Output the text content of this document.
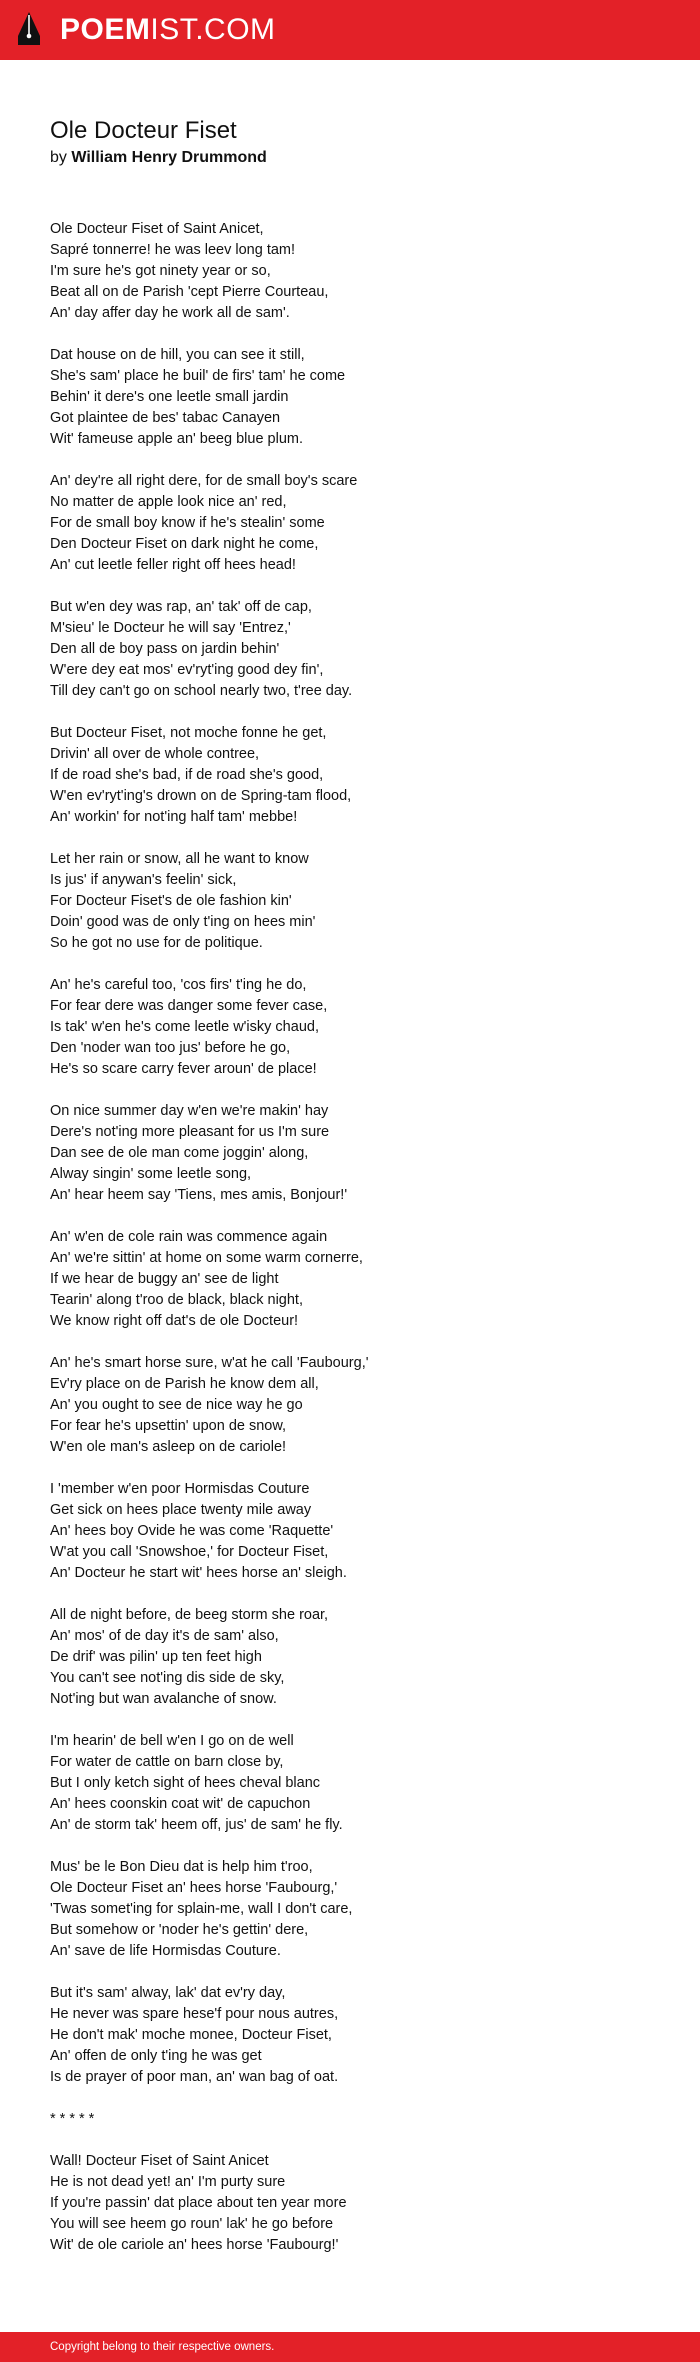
POEMIST.COM
Ole Docteur Fiset
by William Henry Drummond
Ole Docteur Fiset of Saint Anicet,
Sapré tonnerre! he was leev long tam!
I'm sure he's got ninety year or so,
Beat all on de Parish 'cept Pierre Courteau,
An' day affer day he work all de sam'.
Dat house on de hill, you can see it still,
She's sam' place he buil' de firs' tam' he come
Behin' it dere's one leetle small jardin
Got plaintee de bes' tabac Canayen
Wit' fameuse apple an' beeg blue plum.
An' dey're all right dere, for de small boy's scare
No matter de apple look nice an' red,
For de small boy know if he's stealin' some
Den Docteur Fiset on dark night he come,
An' cut leetle feller right off hees head!
But w'en dey was rap, an' tak' off de cap,
M'sieu' le Docteur he will say 'Entrez,'
Den all de boy pass on jardin behin'
W'ere dey eat mos' ev'ryt'ing good dey fin',
Till dey can't go on school nearly two, t'ree day.
But Docteur Fiset, not moche fonne he get,
Drivin' all over de whole contree,
If de road she's bad, if de road she's good,
W'en ev'ryt'ing's drown on de Spring-tam flood,
An' workin' for not'ing half tam' mebbe!
Let her rain or snow, all he want to know
Is jus' if anywan's feelin' sick,
For Docteur Fiset's de ole fashion kin'
Doin' good was de only t'ing on hees min'
So he got no use for de politique.
An' he's careful too, 'cos firs' t'ing he do,
For fear dere was danger some fever case,
Is tak' w'en he's come leetle w'isky chaud,
Den 'noder wan too jus' before he go,
He's so scare carry fever aroun' de place!
On nice summer day w'en we're makin' hay
Dere's not'ing more pleasant for us I'm sure
Dan see de ole man come joggin' along,
Alway singin' some leetle song,
An' hear heem say 'Tiens, mes amis, Bonjour!'
An' w'en de cole rain was commence again
An' we're sittin' at home on some warm cornerre,
If we hear de buggy an' see de light
Tearin' along t'roo de black, black night,
We know right off dat's de ole Docteur!
An' he's smart horse sure, w'at he call 'Faubourg,'
Ev'ry place on de Parish he know dem all,
An' you ought to see de nice way he go
For fear he's upsettin' upon de snow,
W'en ole man's asleep on de cariole!
I 'member w'en poor Hormisdas Couture
Get sick on hees place twenty mile away
An' hees boy Ovide he was come 'Raquette'
W'at you call 'Snowshoe,' for Docteur Fiset,
An' Docteur he start wit' hees horse an' sleigh.
All de night before, de beeg storm she roar,
An' mos' of de day it's de sam' also,
De drif' was pilin' up ten feet high
You can't see not'ing dis side de sky,
Not'ing but wan avalanche of snow.
I'm hearin' de bell w'en I go on de well
For water de cattle on barn close by,
But I only ketch sight of hees cheval blanc
An' hees coonskin coat wit' de capuchon
An' de storm tak' heem off, jus' de sam' he fly.
Mus' be le Bon Dieu dat is help him t'roo,
Ole Docteur Fiset an' hees horse 'Faubourg,'
'Twas somet'ing for splain-me, wall I don't care,
But somehow or 'noder he's gettin' dere,
An' save de life Hormisdas Couture.
But it's sam' alway, lak' dat ev'ry day,
He never was spare hese'f pour nous autres,
He don't mak' moche monee, Docteur Fiset,
An' offen de only t'ing he was get
Is de prayer of poor man, an' wan bag of oat.
* * * * *
Wall! Docteur Fiset of Saint Anicet
He is not dead yet! an' I'm purty sure
If you're passin' dat place about ten year more
You will see heem go roun' lak' he go before
Wit' de ole cariole an' hees horse 'Faubourg!'
Copyright belong to their respective owners.
